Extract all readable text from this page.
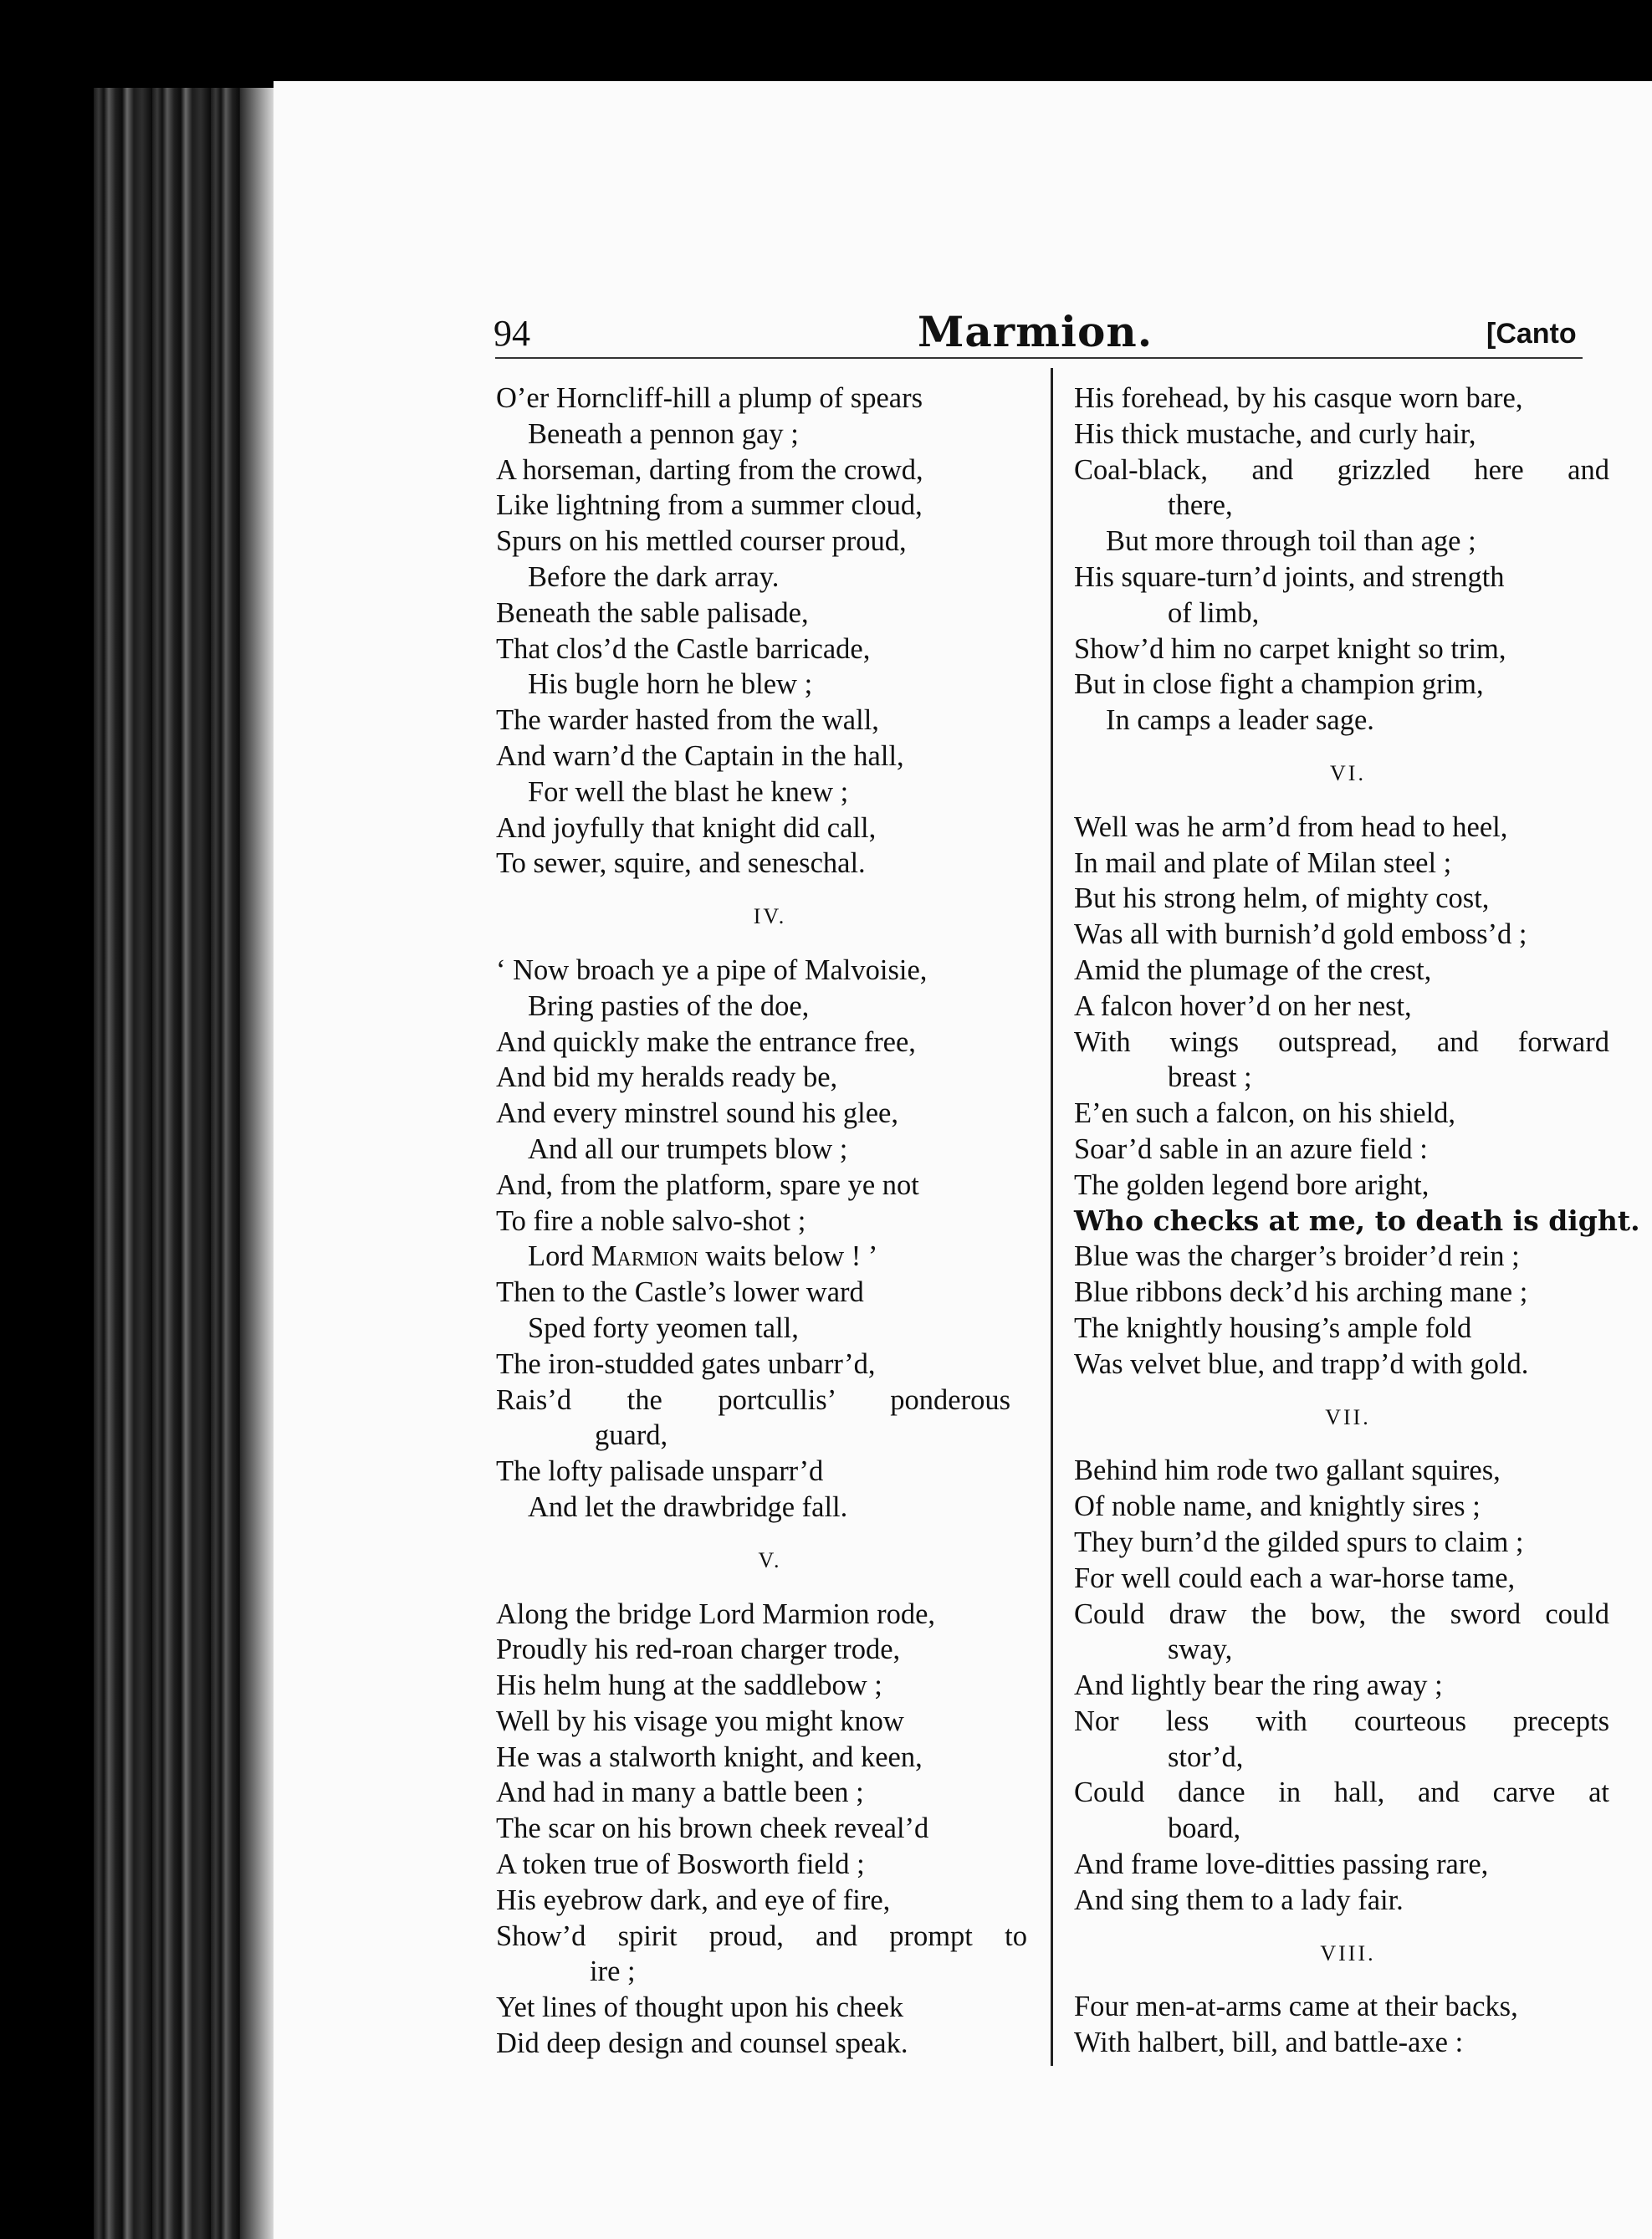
94	Marmion.	[Canto
O’er Horncliff-hill a plump of spears
Beneath a pennon gay ;
A horseman, darting from the crowd,
Like lightning from a summer cloud,
Spurs on his mettled courser proud,
Before the dark array.
Beneath the sable palisade,
That clos’d the Castle barricade,
His bugle horn he blew ;
The warder hasted from the wall,
And warn’d the Captain in the hall,
For well the blast he knew ;
And joyfully that knight did call,
To sewer, squire, and seneschal.
IV.
‘ Now broach ye a pipe of Malvoisie,
Bring pasties of the doe,
And quickly make the entrance free,
And bid my heralds ready be,
And every minstrel sound his glee,
And all our trumpets blow ;
And, from the platform, spare ye not
To fire a noble salvo-shot ;
Lord Marmion waits below ! ’
Then to the Castle’s lower ward
Sped forty yeomen tall,
The iron-studded gates unbarr’d,
Rais’d the portcullis’ ponderous
guard,
The lofty palisade unsparr’d
And let the drawbridge fall.
V.
Along the bridge Lord Marmion rode,
Proudly his red-roan charger trode,
His helm hung at the saddlebow ;
Well by his visage you might know
He was a stalworth knight, and keen,
And had in many a battle been ;
The scar on his brown cheek reveal’d
A token true of Bosworth field ;
His eyebrow dark, and eye of fire,
Show’d spirit proud, and prompt to
ire ;
Yet lines of thought upon his cheek
Did deep design and counsel speak.
His forehead, by his casque worn bare,
His thick mustache, and curly hair,
Coal-black, and grizzled here and
there,
But more through toil than age ;
His square-turn’d joints, and strength
of limb,
Show’d him no carpet knight so trim,
But in close fight a champion grim,
In camps a leader sage.
VI.
Well was he arm’d from head to heel,
In mail and plate of Milan steel ;
But his strong helm, of mighty cost,
Was all with burnish’d gold emboss’d ;
Amid the plumage of the crest,
A falcon hover’d on her nest,
With wings outspread, and forward
breast ;
E’en such a falcon, on his shield,
Soar’d sable in an azure field :
The golden legend bore aright,
Who checks at me, to death is dight.
Blue was the charger’s broider’d rein ;
Blue ribbons deck’d his arching mane ;
The knightly housing’s ample fold
Was velvet blue, and trapp’d with gold.
VII.
Behind him rode two gallant squires,
Of noble name, and knightly sires ;
They burn’d the gilded spurs to claim ;
For well could each a war-horse tame,
Could draw the bow, the sword could
sway,
And lightly bear the ring away ;
Nor less with courteous precepts
stor’d,
Could dance in hall, and carve at
board,
And frame love-ditties passing rare,
And sing them to a lady fair.
VIII.
Four men-at-arms came at their backs,
With halbert, bill, and battle-axe :
